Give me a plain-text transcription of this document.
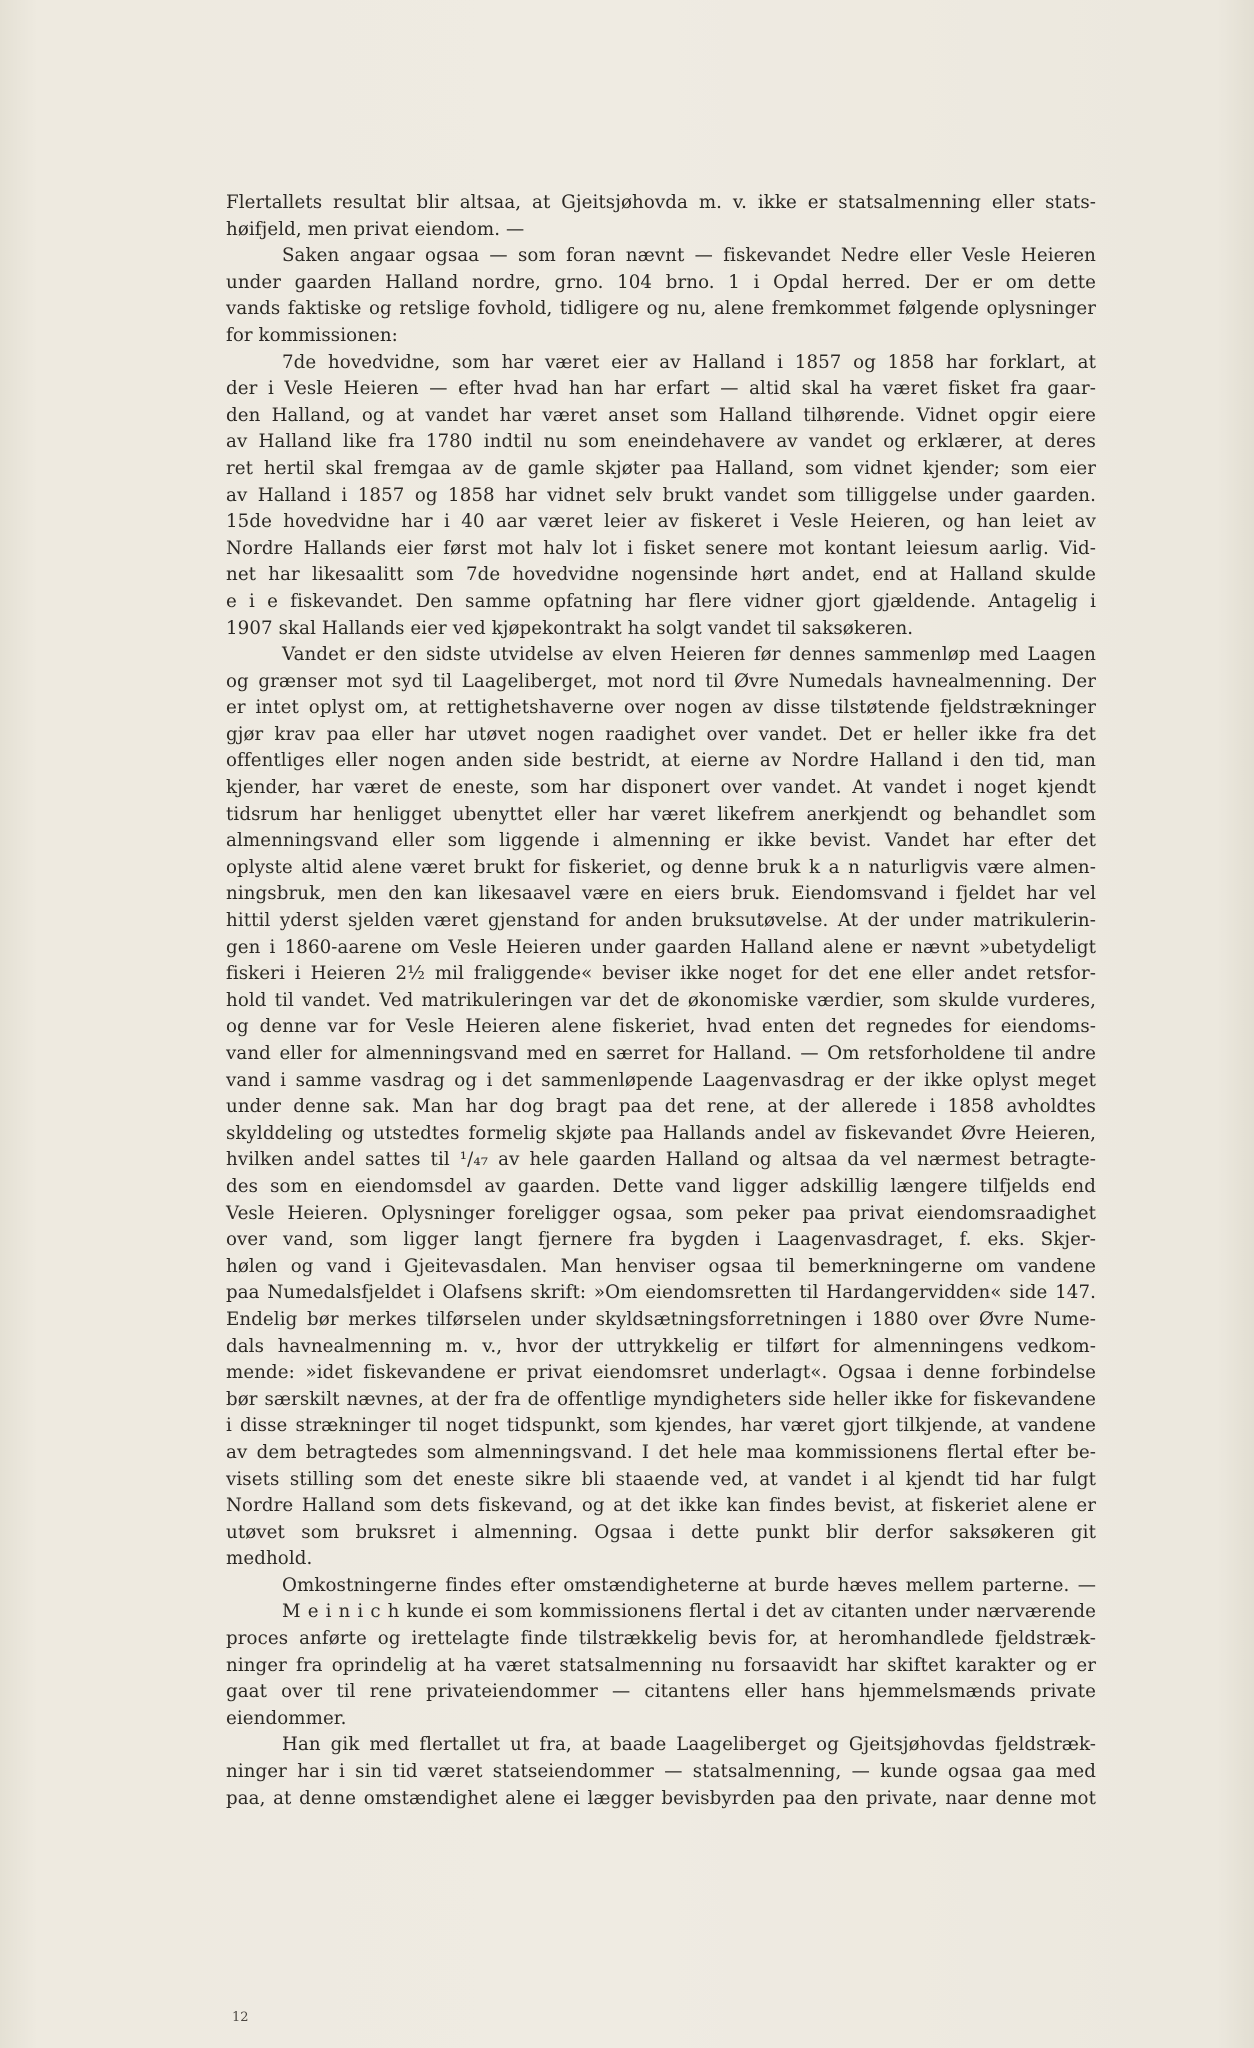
Flertallets resultat blir altsaa, at Gjeitsjøhovda m. v. ikke er statsalmenning eller stats-
høifjeld, men privat eiendom. —
Saken angaar ogsaa — som foran nævnt — fiskevandet Nedre eller Vesle Heieren
under gaarden Halland nordre, grno. 104 brno. 1 i Opdal herred. Der er om dette
vands faktiske og retslige fovhold, tidligere og nu, alene fremkommet følgende oplysninger
for kommissionen:
7de hovedvidne, som har været eier av Halland i 1857 og 1858 har forklart, at
der i Vesle Heieren — efter hvad han har erfart — altid skal ha været fisket fra gaar-
den Halland, og at vandet har været anset som Halland tilhørende. Vidnet opgir eiere
av Halland like fra 1780 indtil nu som eneindehavere av vandet og erklærer, at deres
ret hertil skal fremgaa av de gamle skjøter paa Halland, som vidnet kjender; som eier
av Halland i 1857 og 1858 har vidnet selv brukt vandet som tilliggelse under gaarden.
15de hovedvidne har i 40 aar været leier av fiskeret i Vesle Heieren, og han leiet av
Nordre Hallands eier først mot halv lot i fisket senere mot kontant leiesum aarlig. Vid-
net har likesaalitt som 7de hovedvidne nogensinde hørt andet, end at Halland skulde
e i e fiskevandet. Den samme opfatning har flere vidner gjort gjældende. Antagelig i
1907 skal Hallands eier ved kjøpekontrakt ha solgt vandet til saksøkeren.
Vandet er den sidste utvidelse av elven Heieren før dennes sammenløp med Laagen
og grænser mot syd til Laageliberget, mot nord til Øvre Numedals havnealmenning. Der
er intet oplyst om, at rettighetshaverne over nogen av disse tilstøtende fjeldstrækninger
gjør krav paa eller har utøvet nogen raadighet over vandet. Det er heller ikke fra det
offentliges eller nogen anden side bestridt, at eierne av Nordre Halland i den tid, man
kjender, har været de eneste, som har disponert over vandet. At vandet i noget kjendt
tidsrum har henligget ubenyttet eller har været likefrem anerkjendt og behandlet som
almenningsvand eller som liggende i almenning er ikke bevist. Vandet har efter det
oplyste altid alene været brukt for fiskeriet, og denne bruk k a n naturligvis være almen-
ningsbruk, men den kan likesaavel være en eiers bruk. Eiendomsvand i fjeldet har vel
hittil yderst sjelden været gjenstand for anden bruksutøvelse. At der under matrikulerin-
gen i 1860-aarene om Vesle Heieren under gaarden Halland alene er nævnt »ubetydeligt
fiskeri i Heieren 2½ mil fraliggende« beviser ikke noget for det ene eller andet retsfor-
hold til vandet. Ved matrikuleringen var det de økonomiske værdier, som skulde vurderes,
og denne var for Vesle Heieren alene fiskeriet, hvad enten det regnedes for eiendoms-
vand eller for almenningsvand med en særret for Halland. — Om retsforholdene til andre
vand i samme vasdrag og i det sammenløpende Laagenvasdrag er der ikke oplyst meget
under denne sak. Man har dog bragt paa det rene, at der allerede i 1858 avholdtes
skylddeling og utstedtes formelig skjøte paa Hallands andel av fiskevandet Øvre Heieren,
hvilken andel sattes til ¹/₄₇ av hele gaarden Halland og altsaa da vel nærmest betragte-
des som en eiendomsdel av gaarden. Dette vand ligger adskillig længere tilfjelds end
Vesle Heieren. Oplysninger foreligger ogsaa, som peker paa privat eiendomsraadighet
over vand, som ligger langt fjernere fra bygden i Laagenvasdraget, f. eks. Skjer-
hølen og vand i Gjeitevasdalen. Man henviser ogsaa til bemerkningerne om vandene
paa Numedalsfjeldet i Olafsens skrift: »Om eiendomsretten til Hardangervidden« side 147.
Endelig bør merkes tilførselen under skyldsætningsforretningen i 1880 over Øvre Nume-
dals havnealmenning m. v., hvor der uttrykkelig er tilført for almenningens vedkom-
mende: »idet fiskevandene er privat eiendomsret underlagt«. Ogsaa i denne forbindelse
bør særskilt nævnes, at der fra de offentlige myndigheters side heller ikke for fiskevandene
i disse strækninger til noget tidspunkt, som kjendes, har været gjort tilkjende, at vandene
av dem betragtedes som almenningsvand. I det hele maa kommissionens flertal efter be-
visets stilling som det eneste sikre bli staaende ved, at vandet i al kjendt tid har fulgt
Nordre Halland som dets fiskevand, og at det ikke kan findes bevist, at fiskeriet alene er
utøvet som bruksret i almenning. Ogsaa i dette punkt blir derfor saksøkeren git
medhold.
Omkostningerne findes efter omstændigheterne at burde hæves mellem parterne. —
M e i n i c h kunde ei som kommissionens flertal i det av citanten under nærværende
proces anførte og irettelagte finde tilstrækkelig bevis for, at heromhandlede fjeldstræk-
ninger fra oprindelig at ha været statsalmenning nu forsaavidt har skiftet karakter og er
gaat over til rene privateiendommer — citantens eller hans hjemmelsmænds private
eiendommer.
Han gik med flertallet ut fra, at baade Laageliberget og Gjeitsjøhovdas fjeldstræk-
ninger har i sin tid været statseiendommer — statsalmenning, — kunde ogsaa gaa med
paa, at denne omstændighet alene ei lægger bevisbyrden paa den private, naar denne mot
12
